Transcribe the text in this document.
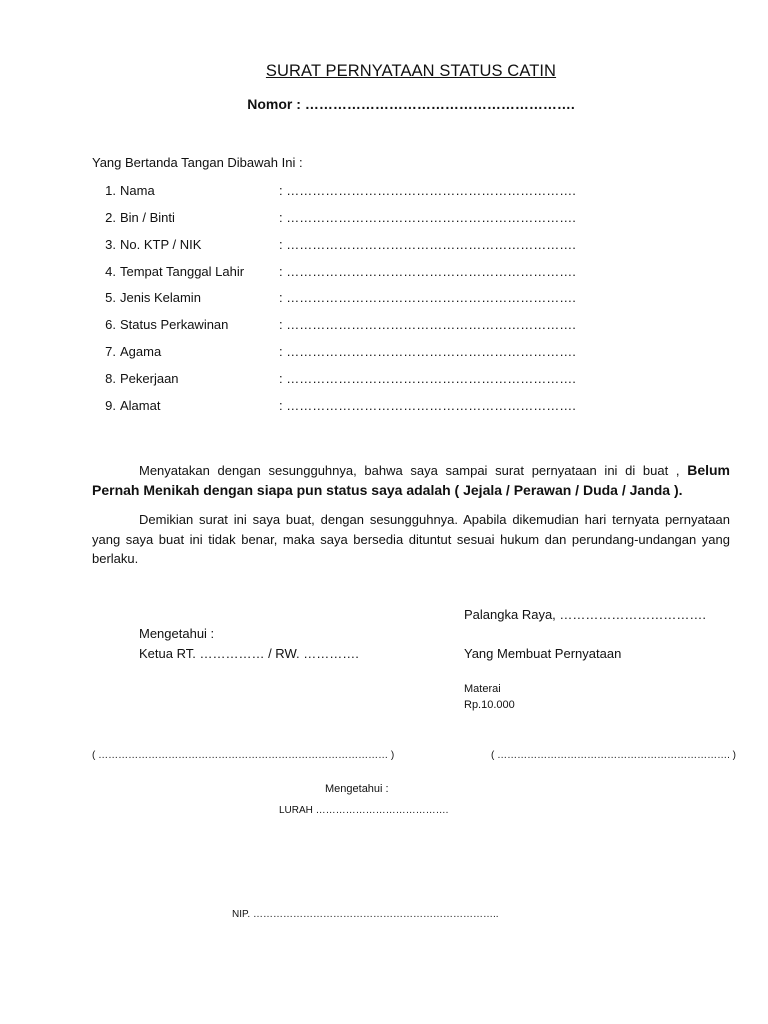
SURAT PERNYATAAN STATUS CATIN
Nomor : ………………………………………………….
Yang Bertanda Tangan Dibawah Ini :
1. Nama	: ………………………………………………………….
2. Bin / Binti	: ………………………………………………………….
3. No. KTP / NIK	: ………………………………………………………….
4. Tempat Tanggal Lahir	: ………………………………………………………….
5. Jenis Kelamin	: ………………………………………………………….
6. Status Perkawinan	: ………………………………………………………….
7. Agama	: ………………………………………………………….
8. Pekerjaan	: ………………………………………………………….
9. Alamat	: ………………………………………………………….
Menyatakan dengan sesungguhnya, bahwa saya sampai surat pernyataan ini di buat , Belum Pernah Menikah dengan siapa pun status saya adalah ( Jejala / Perawan / Duda / Janda ).
Demikian surat ini saya buat, dengan sesungguhnya. Apabila dikemudian hari ternyata pernyataan yang saya buat ini tidak benar, maka saya bersedia dituntut sesuai hukum dan perundang-undangan yang berlaku.
Palangka Raya, …………………………….
Mengetahui :
Ketua RT. …………… / RW. ………….	Yang Membuat Pernyataan
Materai
Rp.10.000
( …………………………………………………………………………… )	( ……………………………………………………………. )
Mengetahui :
LURAH ………………………………….
NIP. ………………………………………………………………..
